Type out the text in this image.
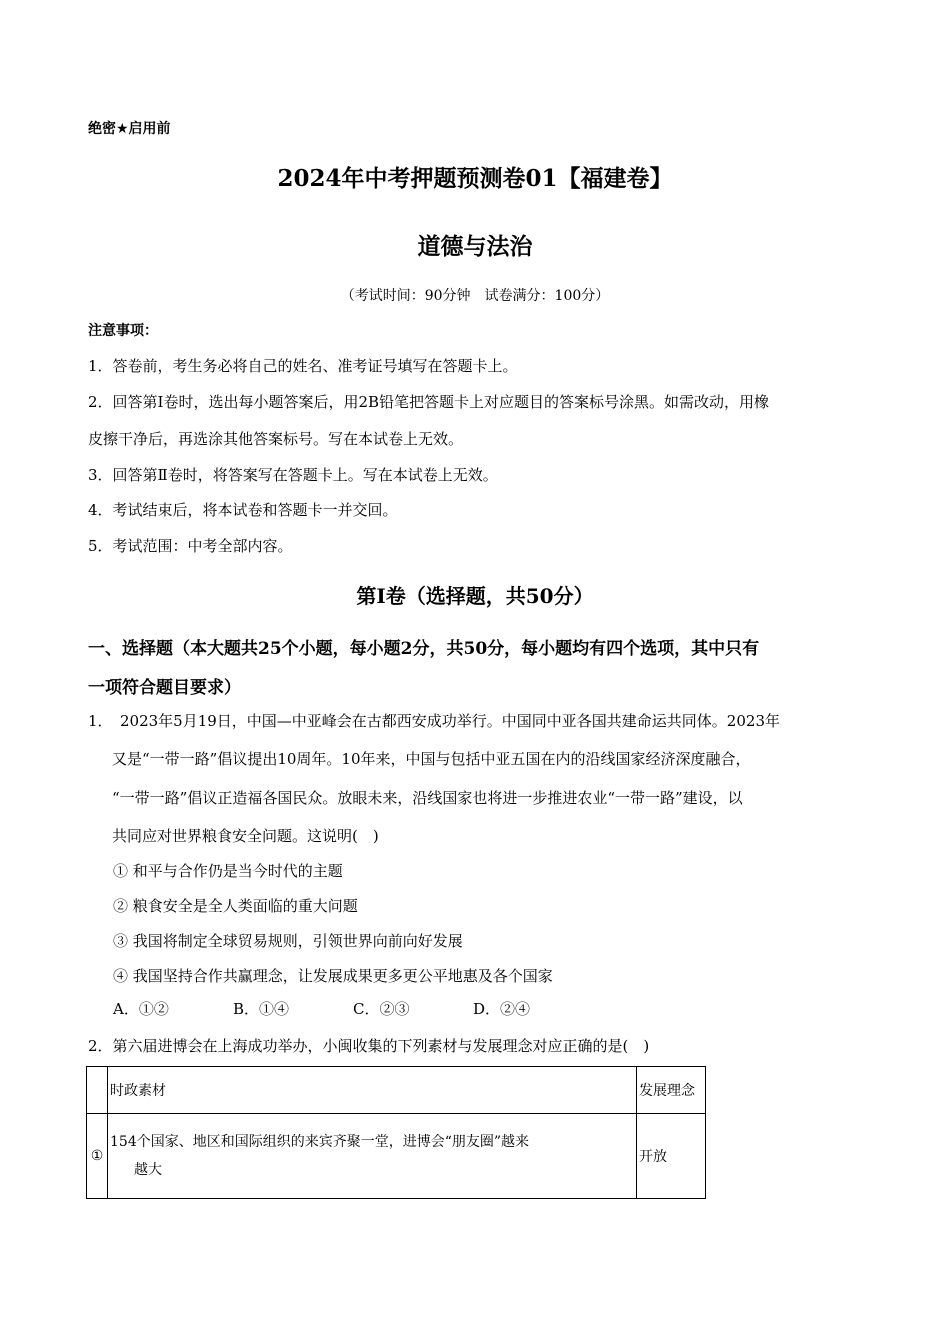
绝密★启用前
2024年中考押题预测卷01【福建卷】
道德与法治
（考试时间：90分钟　试卷满分：100分）
注意事项：
1．答卷前，考生务必将自己的姓名、准考证号填写在答题卡上。
2．回答第Ⅰ卷时，选出每小题答案后，用2B铅笔把答题卡上对应题目的答案标号涂黑。如需改动，用橡
皮擦干净后，再选涂其他答案标号。写在本试卷上无效。
3．回答第Ⅱ卷时，将答案写在答题卡上。写在本试卷上无效。
4．考试结束后，将本试卷和答题卡一并交回。
5．考试范围：中考全部内容。
第Ⅰ卷（选择题，共50分）
一、选择题（本大题共25个小题，每小题2分，共50分，每小题均有四个选项，其中只有
一项符合题目要求）
1． 2023年5月19日，中国—中亚峰会在古都西安成功举行。中国同中亚各国共建命运共同体。2023年

又是“一带一路”倡议提出10周年。10年来，中国与包括中亚五国在内的沿线国家经济深度融合，

“一带一路”倡议正造福各国民众。放眼未来，沿线国家也将进一步推进农业“一带一路”建设，以

共同应对世界粮食安全问题。这说明(　)

① 和平与合作仍是当今时代的主题
② 粮食安全是全人类面临的重大问题
③ 我国将制定全球贸易规则，引领世界向前向好发展
④ 我国坚持合作共赢理念，让发展成果更多更公平地惠及各个国家
A．①②	B．①④	C．②③	D．②④
2．第六届进博会在上海成功举办，小闽收集的下列素材与发展理念对应正确的是(　)
	时政素材	发展理念
①	154个国家、地区和国际组织的来宾齐聚一堂，进博会“朋友圈”越来
越大	开放
